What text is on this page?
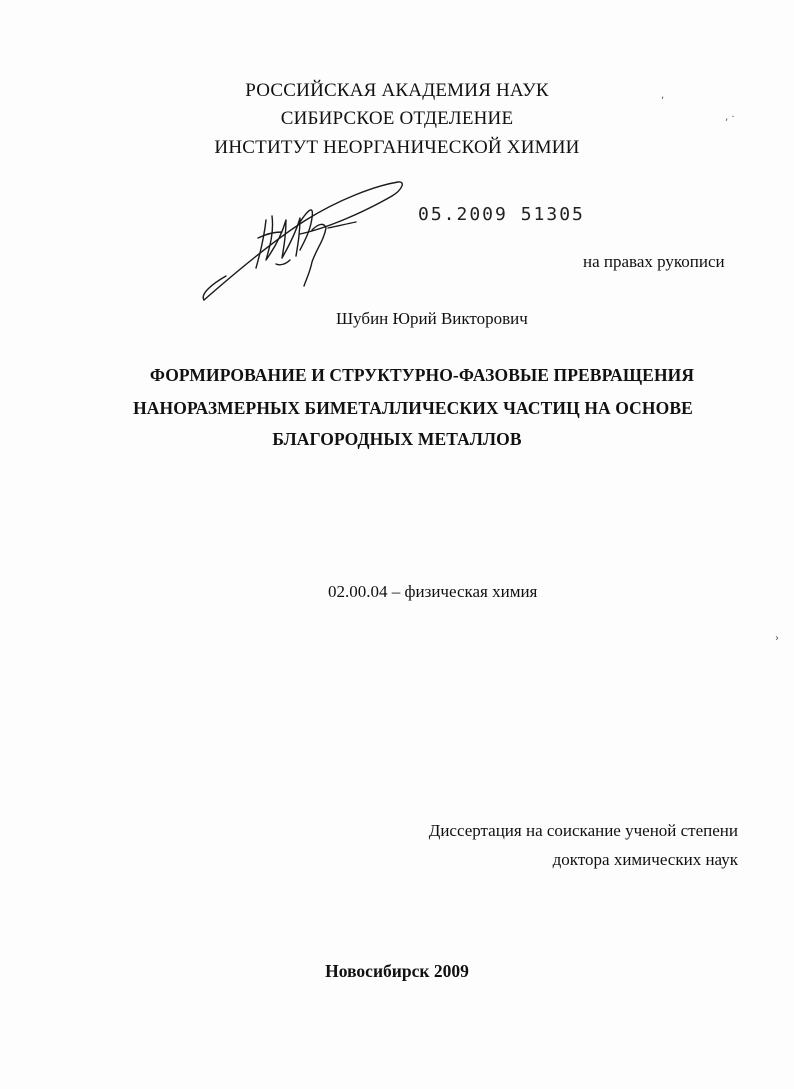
РОССИЙСКАЯ АКАДЕМИЯ НАУК
СИБИРСКОЕ ОТДЕЛЕНИЕ
ИНСТИТУТ НЕОРГАНИЧЕСКОЙ ХИМИИ
,
, ·
›
05.2009 51305
на правах рукописи
Шубин Юрий Викторович
ФОРМИРОВАНИЕ И СТРУКТУРНО-ФАЗОВЫЕ ПРЕВРАЩЕНИЯ
НАНОРАЗМЕРНЫХ БИМЕТАЛЛИЧЕСКИХ ЧАСТИЦ НА ОСНОВЕ
БЛАГОРОДНЫХ МЕТАЛЛОВ
02.00.04 – физическая химия
Диссертация на соискание ученой степени
доктора химических наук
Новосибирск 2009
